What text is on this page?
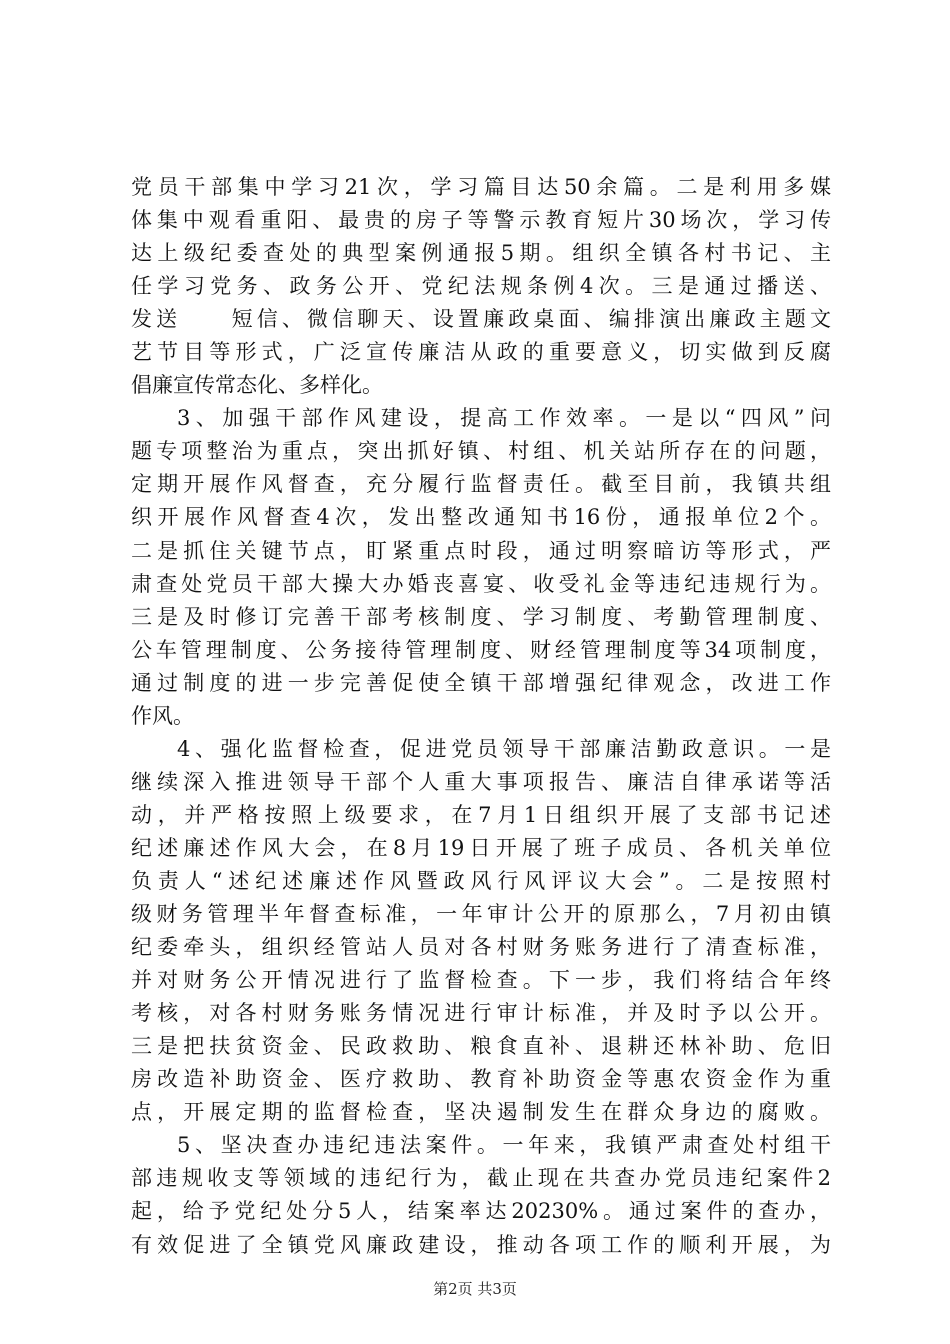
党员干部集中学习21次，学习篇目达50余篇。二是利用多媒
体集中观看重阳、最贵的房子等警示教育短片30场次，学习传
达上级纪委查处的典型案例通报5期。组织全镇各村书记、主
任学习党务、政务公开、党纪法规条例4次。三是通过播送、
发送　　短信、微信聊天、设置廉政桌面、编排演出廉政主题文
艺节目等形式，广泛宣传廉洁从政的重要意义，切实做到反腐
倡廉宣传常态化、多样化。
3、加强干部作风建设，提高工作效率。一是以“四风”问
题专项整治为重点，突出抓好镇、村组、机关站所存在的问题，
定期开展作风督查，充分履行监督责任。截至目前，我镇共组
织开展作风督查4次，发出整改通知书16份，通报单位2个。
二是抓住关键节点，盯紧重点时段，通过明察暗访等形式，严
肃查处党员干部大操大办婚丧喜宴、收受礼金等违纪违规行为。
三是及时修订完善干部考核制度、学习制度、考勤管理制度、
公车管理制度、公务接待管理制度、财经管理制度等34项制度，
通过制度的进一步完善促使全镇干部增强纪律观念，改进工作
作风。
4、强化监督检查，促进党员领导干部廉洁勤政意识。一是
继续深入推进领导干部个人重大事项报告、廉洁自律承诺等活
动，并严格按照上级要求，在7月1日组织开展了支部书记述
纪述廉述作风大会，在8月19日开展了班子成员、各机关单位
负责人“述纪述廉述作风暨政风行风评议大会”。二是按照村
级财务管理半年督查标准，一年审计公开的原那么，7月初由镇
纪委牵头，组织经管站人员对各村财务账务进行了清查标准，
并对财务公开情况进行了监督检查。下一步，我们将结合年终
考核，对各村财务账务情况进行审计标准，并及时予以公开。
三是把扶贫资金、民政救助、粮食直补、退耕还林补助、危旧
房改造补助资金、医疗救助、教育补助资金等惠农资金作为重
点，开展定期的监督检查，坚决遏制发生在群众身边的腐败。
5、坚决查办违纪违法案件。一年来，我镇严肃查处村组干
部违规收支等领域的违纪行为，截止现在共查办党员违纪案件2
起，给予党纪处分5人，结案率达20230%。通过案件的查办，
有效促进了全镇党风廉政建设，推动各项工作的顺利开展，为
第2页 共3页
